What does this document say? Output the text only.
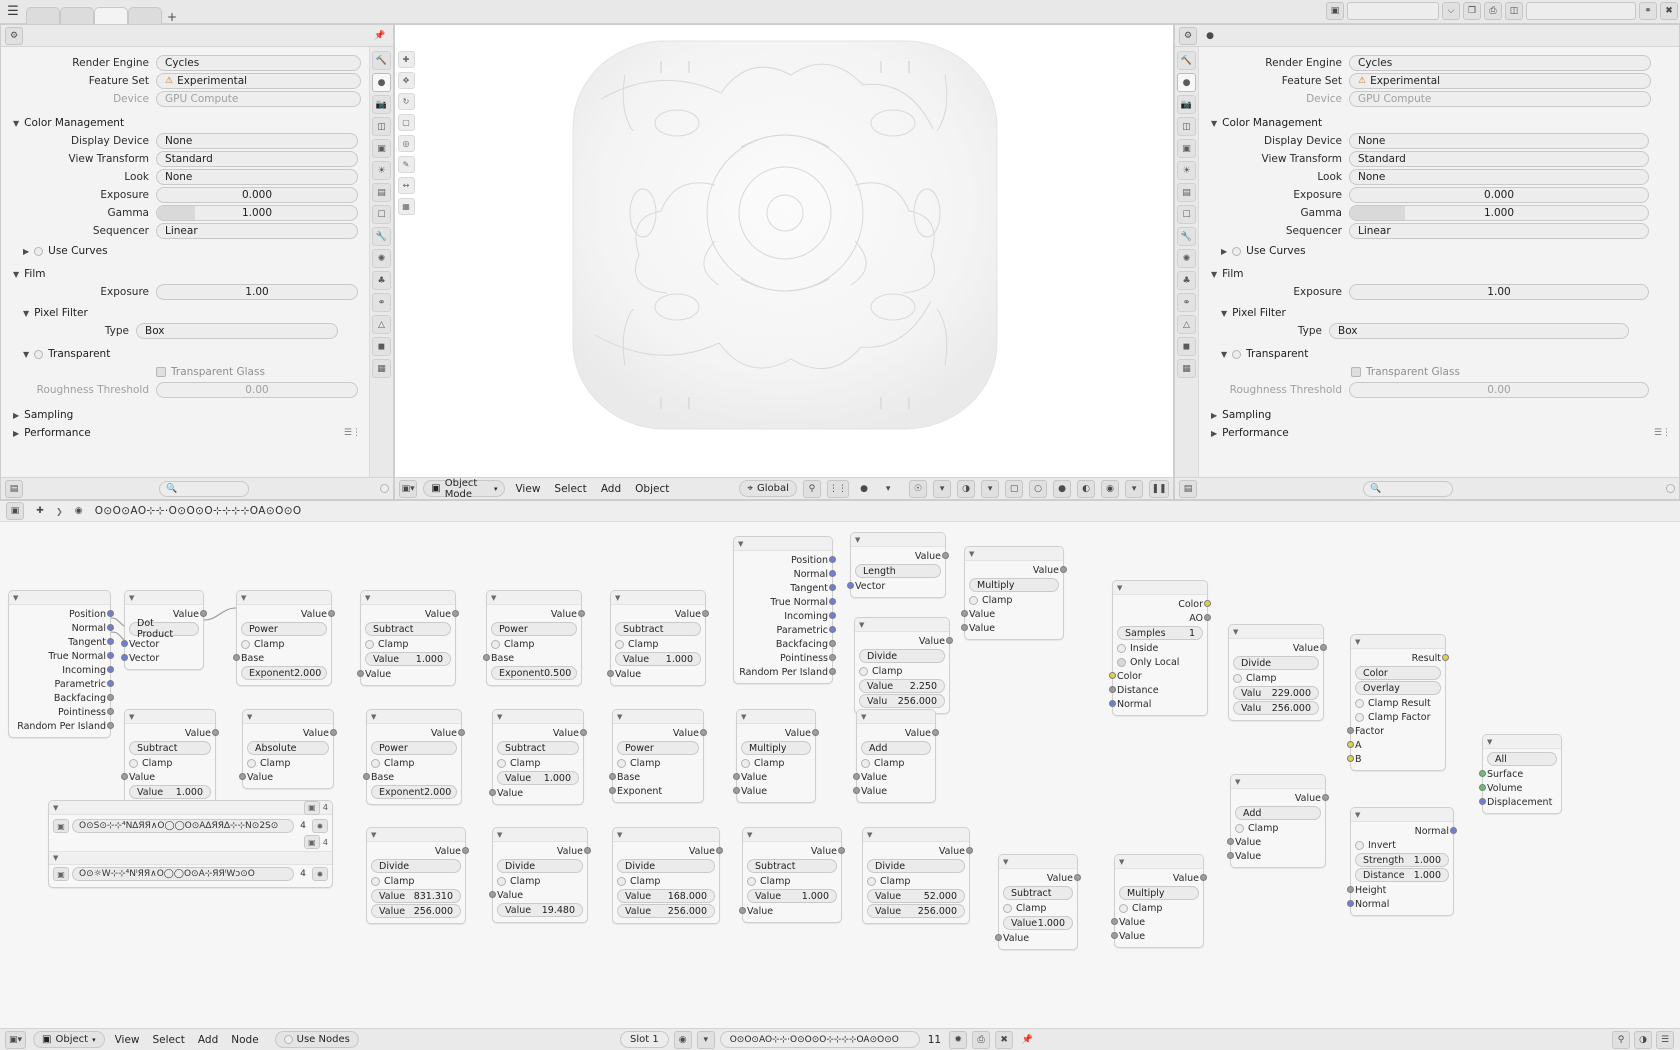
☰	+	▣	⌵	❐	⎙	◫	⚭	✖
⚙	📌
🔨
●
📷
◫
▣
☀
▤
☐
🔧
✺
♣
⚭
△
◼
▦
Render Engine	Cycles
Feature Set	⚠ Experimental
Device	GPU Compute
▼ Color Management
Display Device	None
View Transform	Standard
Look	None
Exposure	0.000
Gamma	1.000
Sequencer	Linear
▶ Use Curves
▼ Film
Exposure	1.00
▼ Pixel Filter
Type	Box
▼ Transparent
Transparent Glass
Roughness Threshold	0.00
▶ Sampling
▶ Performance	☰⋮
▤	🔍
✚
✥
↻
▢
◎
✎
↔
▦
▣▾ ▣ Object Mode	▾	View	Select	Add	Object	⌖ Global	⚲	⋮⋮	●	▾	☉	▾	◑	▾	▢	○	●	◐	◉	▾	❚❚
⚙	●
🔨
●
📷
◫
▣
☀
▤
☐
🔧
✺
♣
⚭
△
◼
▦
Render Engine	Cycles
Feature Set	⚠ Experimental
Device	GPU Compute
▼ Color Management
Display Device	None
View Transform	Standard
Look	None
Exposure	0.000
Gamma	1.000
Sequencer	Linear
▶ Use Curves
▼ Film
Exposure	1.00
▼ Pixel Filter
Type	Box
▼ Transparent
Transparent Glass
Roughness Threshold	0.00
▶ Sampling
▶ Performance	☰⋮
▤	🔍
▣	✚	❯	◉	O⊙O⊙AO⊹⊹·O⊙O⊙O⊹⊹⊹⊹OA⊙O⊙O
▼
Position
Normal
Tangent
True Normal
Incoming
Parametric
Backfacing
Pointiness
Random Per Island
▼
Value
Dot Product
Vector
Vector
▼
Value
Power
Clamp
Base
Exponent 2.000
▼
Value
Subtract
Clamp
Value 1.000
Value
▼
Value
Power
Clamp
Base
Exponent 0.500
▼
Value
Subtract
Clamp
Value 1.000
Value
▼
Position
Normal
Tangent
True Normal
Incoming
Parametric
Backfacing
Pointiness
Random Per Island
▼
Value
Length
Vector
▼
Value
Multiply
Clamp
Value
Value
▼
Value
Divide
Clamp
Value 2.250
Valu 256.000
▼
Color
AO
Samples 1
Inside
Only Local
Color
Distance
Normal
▼
Value
Divide
Clamp
Valu 229.000
Valu 256.000
▼
Result
Color
Overlay
Clamp Result
Clamp Factor
Factor
A
B
▼
All
Surface
Volume
Displacement
▼
Normal
Invert
Strength 1.000
Distance 1.000
Height
Normal
▼
Value
Subtract
Clamp
Value
Value 1.000
▼
Value
Absolute
Clamp
Value
▼
Value
Power
Clamp
Base
Exponent 2.000
▼
Value
Subtract
Clamp
Value 1.000
Value
▼
Value
Power
Clamp
Base
Exponent
▼
Value
Multiply
Clamp
Value
Value
▼
Value
Add
Clamp
Value
Value
▼
Value
Add
Clamp
Value
Value
▼
Value
Divide
Clamp
Value 831.310
Value 256.000
▼
Value
Divide
Clamp
Value
Value 19.480
▼
Value
Divide
Clamp
Value 168.000
Value 256.000
▼
Value
Subtract
Clamp
Value 1.000
Value
▼
Value
Divide
Clamp
Value 52.000
Value 256.000
▼
Value
Subtract
Clamp
Value 1.000
Value
▼
Value
Multiply
Clamp
Value
Value
▼	▣ 4
▣	O⊙S⊙⊹⊹⁴N∆ЯЯ∧O◯◯O⊙A∆ЯЯ∆⊹⊹N⊙2S⊙	4	✹
▣ 4
▼
▣	O⊙☼W⊹⊹⁴NⁱЯЯ∧O◯◯O⊙A⊹ЯЯⁱWↄ⊙O	4	✹
▣▾	▣ Object ▾ View Select Add Node	Use Nodes	Slot 1	◉	▾	O⊙O⊙AO⊹⊹·O⊙O⊙O⊹⊹⊹⊹OA⊙O⊙O	11	✹	⎙	✖	📌	⚲	◑	☰
